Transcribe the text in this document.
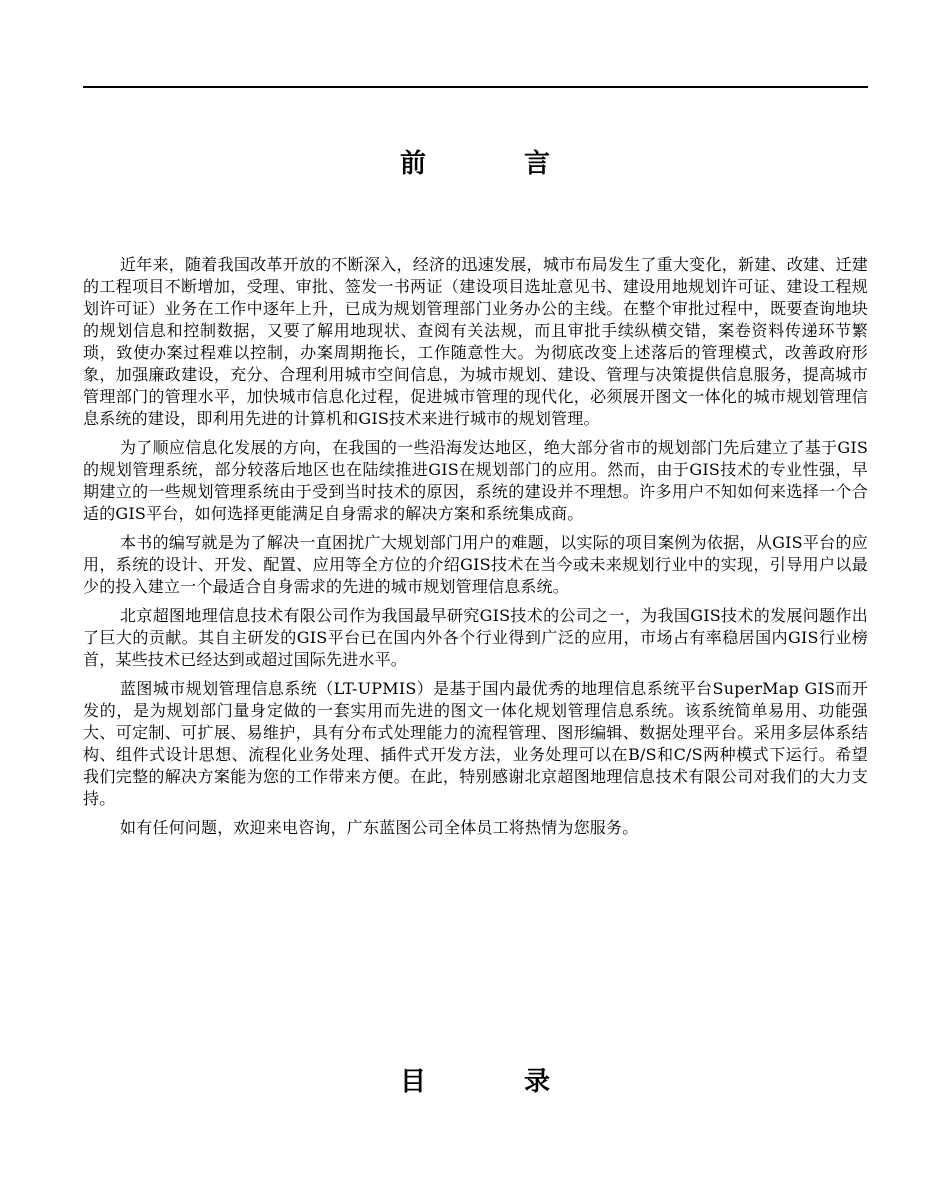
前　言

近年来，随着我国改革开放的不断深入，经济的迅速发展，城市布局发生了重大变化，新建、改建、迁建的工程项目不断增加，受理、审批、签发一书两证（建设项目选址意见书、建设用地规划许可证、建设工程规划许可证）业务在工作中逐年上升，已成为规划管理部门业务办公的主线。在整个审批过程中，既要查询地块的规划信息和控制数据，又要了解用地现状、查阅有关法规，而且审批手续纵横交错，案卷资料传递环节繁琐，致使办案过程难以控制，办案周期拖长，工作随意性大。为彻底改变上述落后的管理模式，改善政府形象，加强廉政建设，充分、合理利用城市空间信息，为城市规划、建设、管理与决策提供信息服务，提高城市管理部门的管理水平，加快城市信息化过程，促进城市管理的现代化，必须展开图文一体化的城市规划管理信息系统的建设，即利用先进的计算机和GIS技术来进行城市的规划管理。

为了顺应信息化发展的方向，在我国的一些沿海发达地区，绝大部分省市的规划部门先后建立了基于GIS的规划管理系统，部分较落后地区也在陆续推进GIS在规划部门的应用。然而，由于GIS技术的专业性强，早期建立的一些规划管理系统由于受到当时技术的原因，系统的建设并不理想。许多用户不知如何来选择一个合适的GIS平台，如何选择更能满足自身需求的解决方案和系统集成商。

本书的编写就是为了解决一直困扰广大规划部门用户的难题，以实际的项目案例为依据，从GIS平台的应用，系统的设计、开发、配置、应用等全方位的介绍GIS技术在当今或未来规划行业中的实现，引导用户以最少的投入建立一个最适合自身需求的先进的城市规划管理信息系统。

北京超图地理信息技术有限公司作为我国最早研究GIS技术的公司之一，为我国GIS技术的发展问题作出了巨大的贡献。其自主研发的GIS平台已在国内外各个行业得到广泛的应用，市场占有率稳居国内GIS行业榜首，某些技术已经达到或超过国际先进水平。

蓝图城市规划管理信息系统（LT-UPMIS）是基于国内最优秀的地理信息系统平台SuperMap GIS而开发的，是为规划部门量身定做的一套实用而先进的图文一体化规划管理信息系统。该系统简单易用、功能强大、可定制、可扩展、易维护，具有分布式处理能力的流程管理、图形编辑、数据处理平台。采用多层体系结构、组件式设计思想、流程化业务处理、插件式开发方法，业务处理可以在B/S和C/S两种模式下运行。希望我们完整的解决方案能为您的工作带来方便。在此，特别感谢北京超图地理信息技术有限公司对我们的大力支持。

如有任何问题，欢迎来电咨询，广东蓝图公司全体员工将热情为您服务。

目　录
